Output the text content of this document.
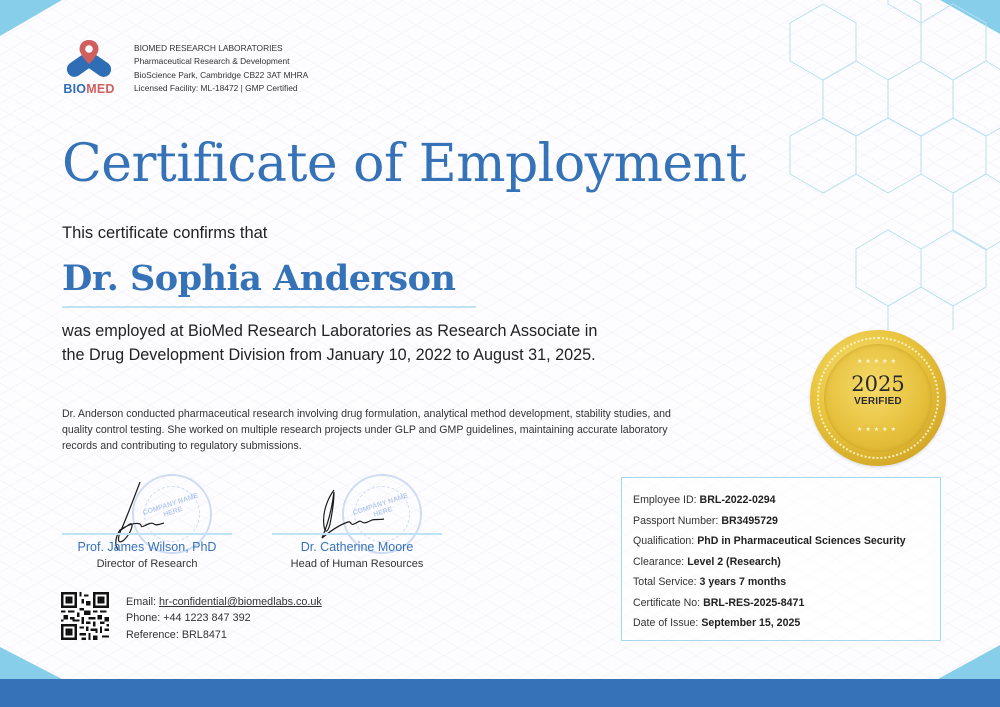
BIOMED
BIOMED RESEARCH LABORATORIES
Pharmaceutical Research & Development
BioScience Park, Cambridge CB22 3AT MHRA
Licensed Facility: ML-18472 | GMP Certified
Certificate of Employment
This certificate confirms that
Dr. Sophia Anderson
was employed at BioMed Research Laboratories as Research Associate in the Drug Development Division from January 10, 2022 to August 31, 2025.
Dr. Anderson conducted pharmaceutical research involving drug formulation, analytical method development, stability studies, and quality control testing. She worked on multiple research projects under GLP and GMP guidelines, maintaining accurate laboratory records and contributing to regulatory submissions.
★★★★★
2025
VERIFIED
★★★★★
COMPANY NAME HERE
Prof. James Wilson, PhD
Director of Research
COMPANY NAME HERE
Dr. Catherine Moore
Head of Human Resources
Email: hr-confidential@biomedlabs.co.uk
Phone: +44 1223 847 392
Reference: BRL8471
Employee ID: BRL-2022-0294
Passport Number: BR3495729
Qualification: PhD in Pharmaceutical Sciences Security
Clearance: Level 2 (Research)
Total Service: 3 years 7 months
Certificate No: BRL-RES-2025-8471
Date of Issue: September 15, 2025
